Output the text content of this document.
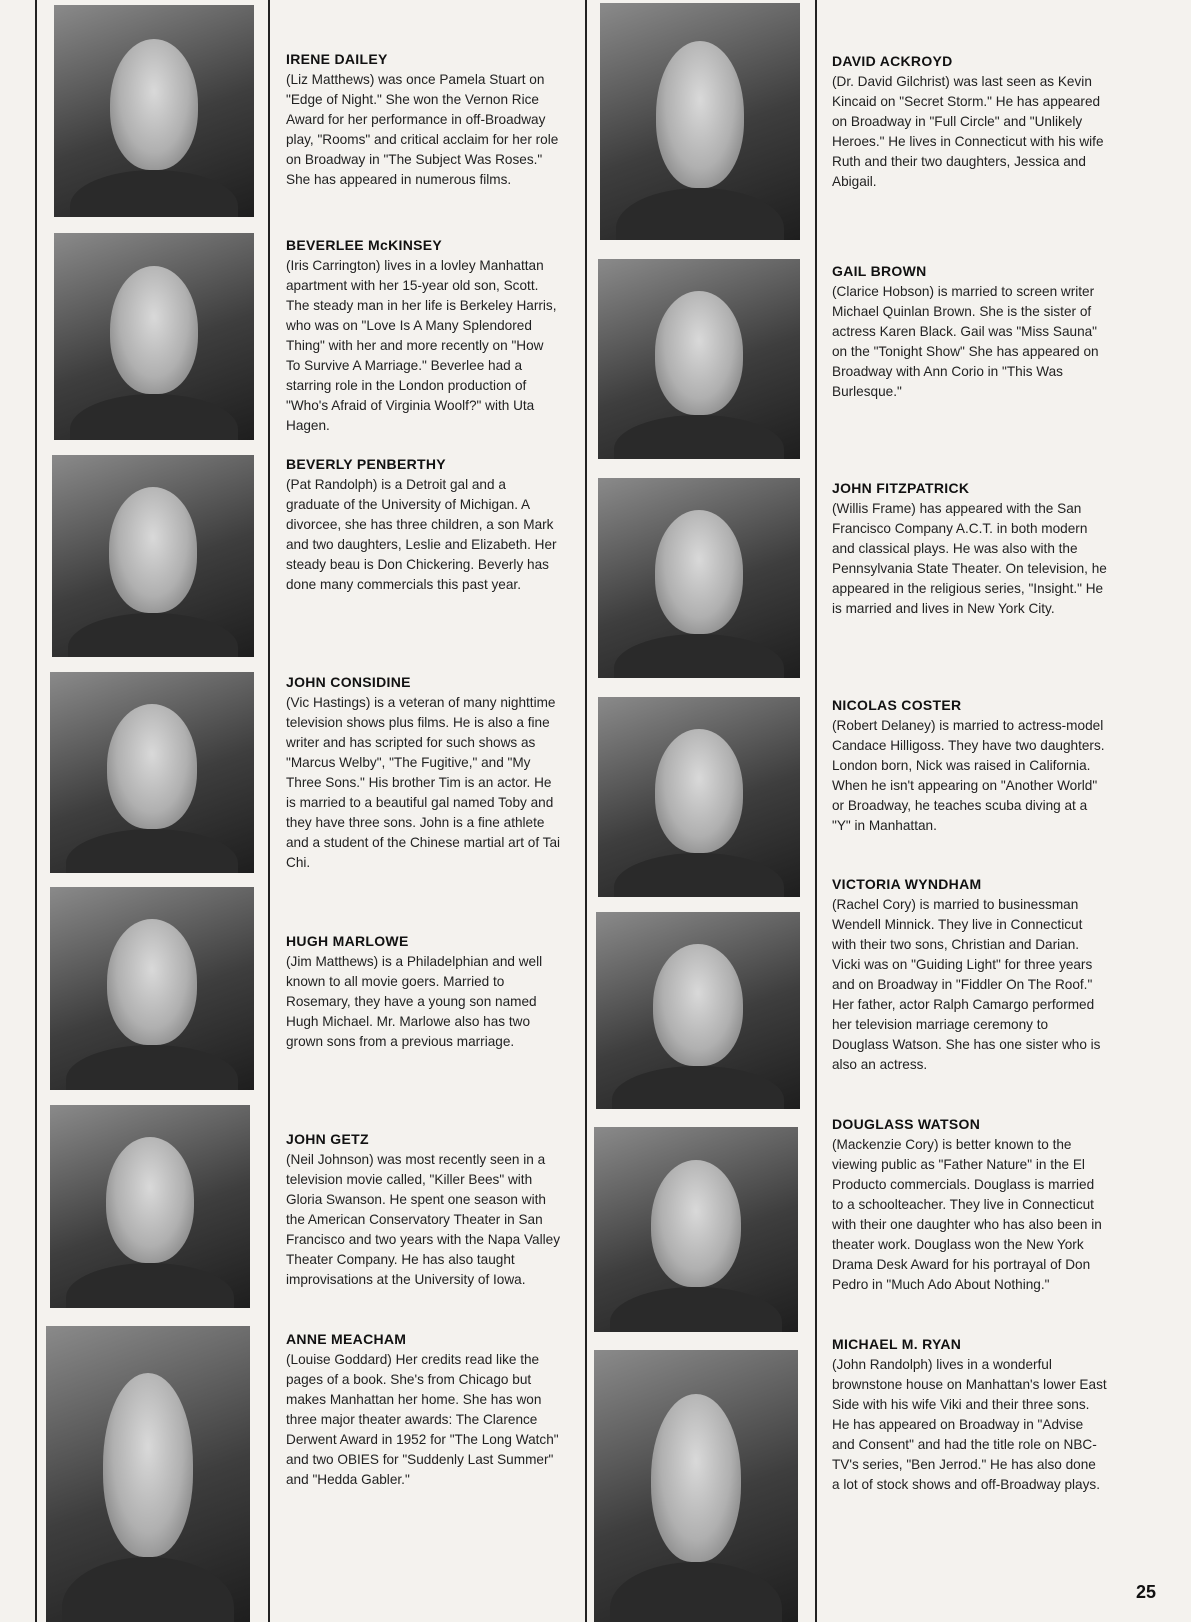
IRENE DAILEY

(Liz Matthews) was once Pamela Stuart on "Edge of Night." She won the Vernon Rice Award for her performance in off-Broadway play, "Rooms" and critical acclaim for her role on Broadway in "The Subject Was Roses." She has appeared in numerous films.

BEVERLEE McKINSEY

(Iris Carrington) lives in a lovley Manhattan apartment with her 15-year old son, Scott. The steady man in her life is Berkeley Harris, who was on "Love Is A Many Splendored Thing" with her and more recently on "How To Survive A Marriage." Beverlee had a starring role in the London production of "Who's Afraid of Virginia Woolf?" with Uta Hagen.

BEVERLY PENBERTHY

(Pat Randolph) is a Detroit gal and a graduate of the University of Michigan. A divorcee, she has three children, a son Mark and two daughters, Leslie and Elizabeth. Her steady beau is Don Chickering. Beverly has done many commercials this past year.

JOHN CONSIDINE

(Vic Hastings) is a veteran of many nighttime television shows plus films. He is also a fine writer and has scripted for such shows as "Marcus Welby", "The Fugitive," and "My Three Sons." His brother Tim is an actor. He is married to a beautiful gal named Toby and they have three sons. John is a fine athlete and a student of the Chinese martial art of Tai Chi.

HUGH MARLOWE

(Jim Matthews) is a Philadelphian and well known to all movie goers. Married to Rosemary, they have a young son named Hugh Michael. Mr. Marlowe also has two grown sons from a previous marriage.

JOHN GETZ

(Neil Johnson) was most recently seen in a television movie called, "Killer Bees" with Gloria Swanson. He spent one season with the American Conservatory Theater in San Francisco and two years with the Napa Valley Theater Company. He has also taught improvisations at the University of Iowa.

ANNE MEACHAM

(Louise Goddard) Her credits read like the pages of a book. She's from Chicago but makes Manhattan her home. She has won three major theater awards: The Clarence Derwent Award in 1952 for "The Long Watch" and two OBIES for "Suddenly Last Summer" and "Hedda Gabler."

DAVID ACKROYD

(Dr. David Gilchrist) was last seen as Kevin Kincaid on "Secret Storm." He has appeared on Broadway in "Full Circle" and "Unlikely Heroes." He lives in Connecticut with his wife Ruth and their two daughters, Jessica and Abigail.

GAIL BROWN

(Clarice Hobson) is married to screen writer Michael Quinlan Brown. She is the sister of actress Karen Black. Gail was "Miss Sauna" on the "Tonight Show" She has appeared on Broadway with Ann Corio in "This Was Burlesque."

JOHN FITZPATRICK

(Willis Frame) has appeared with the San Francisco Company A.C.T. in both modern and classical plays. He was also with the Pennsylvania State Theater. On television, he appeared in the religious series, "Insight." He is married and lives in New York City.

NICOLAS COSTER

(Robert Delaney) is married to actress-model Candace Hilligoss. They have two daughters. London born, Nick was raised in California. When he isn't appearing on "Another World" or Broadway, he teaches scuba diving at a "Y" in Manhattan.

VICTORIA WYNDHAM

(Rachel Cory) is married to businessman Wendell Minnick. They live in Connecticut with their two sons, Christian and Darian. Vicki was on "Guiding Light" for three years and on Broadway in "Fiddler On The Roof." Her father, actor Ralph Camargo performed her television marriage ceremony to Douglass Watson. She has one sister who is also an actress.

DOUGLASS WATSON

(Mackenzie Cory) is better known to the viewing public as "Father Nature" in the El Producto commercials. Douglass is married to a schoolteacher. They live in Connecticut with their one daughter who has also been in theater work. Douglass won the New York Drama Desk Award for his portrayal of Don Pedro in "Much Ado About Nothing."

MICHAEL M. RYAN

(John Randolph) lives in a wonderful brownstone house on Manhattan's lower East Side with his wife Viki and their three sons. He has appeared on Broadway in "Advise and Consent" and had the title role on NBC-TV's series, "Ben Jerrod." He has also done a lot of stock shows and off-Broadway plays.

25
